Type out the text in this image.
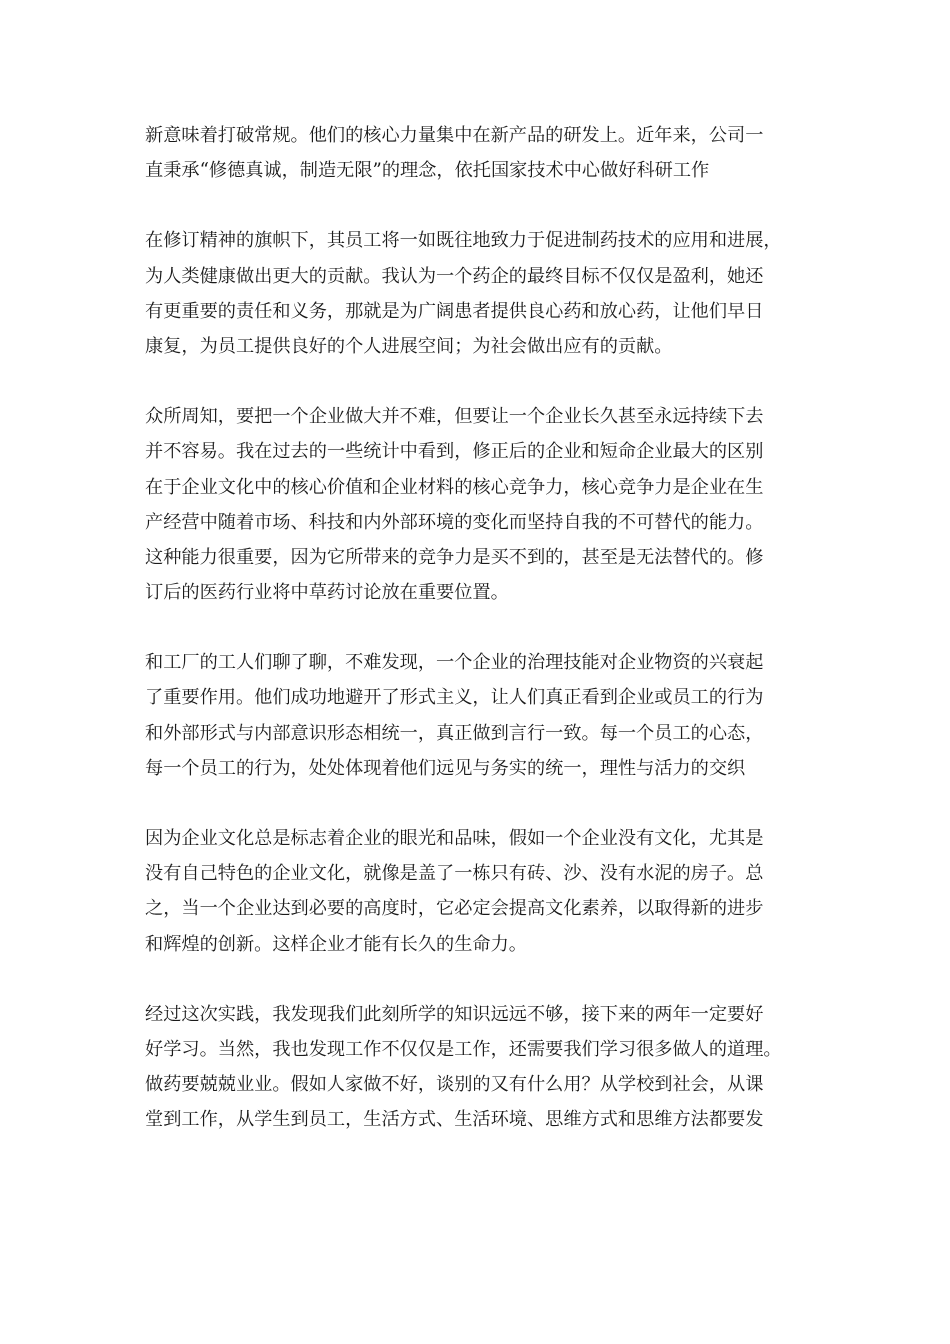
新意味着打破常规。他们的核心力量集中在新产品的研发上。近年来，公司一
直秉承“修德真诚，制造无限”的理念，依托国家技术中心做好科研工作

在修订精神的旗帜下，其员工将一如既往地致力于促进制药技术的应用和进展，
为人类健康做出更大的贡献。我认为一个药企的最终目标不仅仅是盈利，她还
有更重要的责任和义务，那就是为广阔患者提供良心药和放心药，让他们早日
康复，为员工提供良好的个人进展空间；为社会做出应有的贡献。

众所周知，要把一个企业做大并不难，但要让一个企业长久甚至永远持续下去
并不容易。我在过去的一些统计中看到，修正后的企业和短命企业最大的区别
在于企业文化中的核心价值和企业材料的核心竞争力，核心竞争力是企业在生
产经营中随着市场、科技和内外部环境的变化而坚持自我的不可替代的能力。
这种能力很重要，因为它所带来的竞争力是买不到的，甚至是无法替代的。修
订后的医药行业将中草药讨论放在重要位置。

和工厂的工人们聊了聊，不难发现，一个企业的治理技能对企业物资的兴衰起
了重要作用。他们成功地避开了形式主义，让人们真正看到企业或员工的行为
和外部形式与内部意识形态相统一，真正做到言行一致。每一个员工的心态，
每一个员工的行为，处处体现着他们远见与务实的统一，理性与活力的交织

因为企业文化总是标志着企业的眼光和品味，假如一个企业没有文化，尤其是
没有自己特色的企业文化，就像是盖了一栋只有砖、沙、没有水泥的房子。总
之，当一个企业达到必要的高度时，它必定会提高文化素养，以取得新的进步
和辉煌的创新。这样企业才能有长久的生命力。

经过这次实践，我发现我们此刻所学的知识远远不够，接下来的两年一定要好
好学习。当然，我也发现工作不仅仅是工作，还需要我们学习很多做人的道理。
做药要兢兢业业。假如人家做不好，谈别的又有什么用？从学校到社会，从课
堂到工作，从学生到员工，生活方式、生活环境、思维方式和思维方法都要发
